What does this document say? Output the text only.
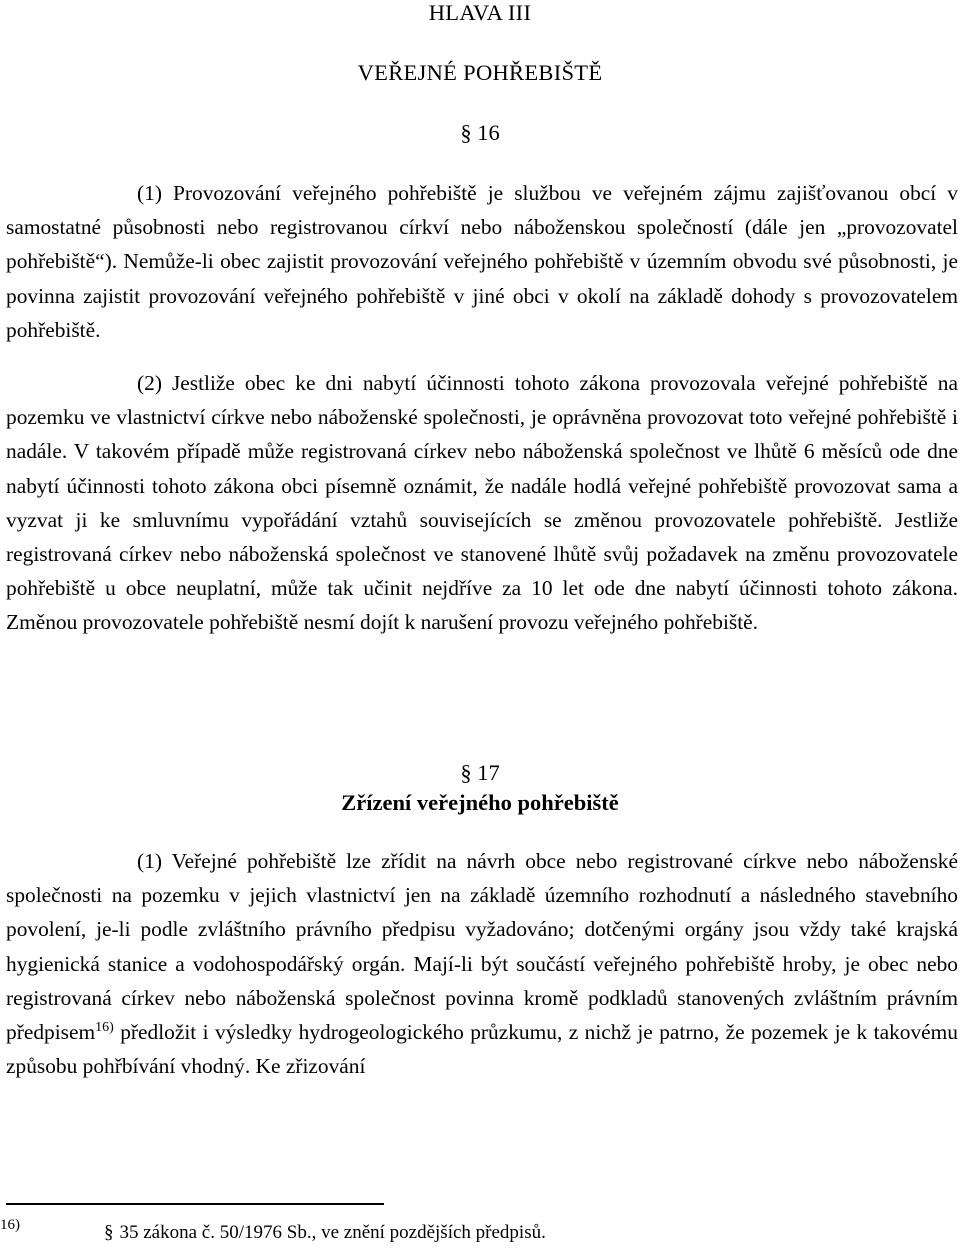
HLAVA III
VEŘEJNÉ POHŘEBIŠTĚ
§ 16
(1) Provozování veřejného pohřebiště je službou ve veřejném zájmu zajišťovanou obcí v samostatné působnosti nebo registrovanou církví nebo náboženskou společností (dále jen „provozovatel pohřebiště“). Nemůže-li obec zajistit provozování veřejného pohřebiště v územním obvodu své působnosti, je povinna zajistit provozování veřejného pohřebiště v jiné obci v okolí na základě dohody s provozovatelem pohřebiště.
(2) Jestliže obec ke dni nabytí účinnosti tohoto zákona provozovala veřejné pohřebiště na pozemku ve vlastnictví církve nebo náboženské společnosti, je oprávněna provozovat toto veřejné pohřebiště i nadále. V takovém případě může registrovaná církev nebo náboženská společnost ve lhůtě 6 měsíců ode dne nabytí účinnosti tohoto zákona obci písemně oznámit, že nadále hodlá veřejné pohřebiště provozovat sama a vyzvat ji ke smluvnímu vypořádání vztahů souvisejících se změnou provozovatele pohřebiště. Jestliže registrovaná církev nebo náboženská společnost ve stanovené lhůtě svůj požadavek na změnu provozovatele pohřebiště u obce neuplatní, může tak učinit nejdříve za 10 let ode dne nabytí účinnosti tohoto zákona. Změnou provozovatele pohřebiště nesmí dojít k narušení provozu veřejného pohřebiště.
§ 17
Zřízení veřejného pohřebiště
(1) Veřejné pohřebiště lze zřídit na návrh obce nebo registrované církve nebo náboženské společnosti na pozemku v jejich vlastnictví jen na základě územního rozhodnutí a následného stavebního povolení, je-li podle zvláštního právního předpisu vyžadováno; dotčenými orgány jsou vždy také krajská hygienická stanice a vodohospodářský orgán. Mají-li být součástí veřejného pohřebiště hroby, je obec nebo registrovaná církev nebo náboženská společnost povinna kromě podkladů stanovených zvláštním právním předpisem$^{16)}$ předložit i výsledky hydrogeologického průzkumu, z nichž je patrno, že pozemek je k takovému způsobu pohřbívání vhodný. Ke zřizování
16)	§ 35 zákona č. 50/1976 Sb., ve znění pozdějších předpisů.
